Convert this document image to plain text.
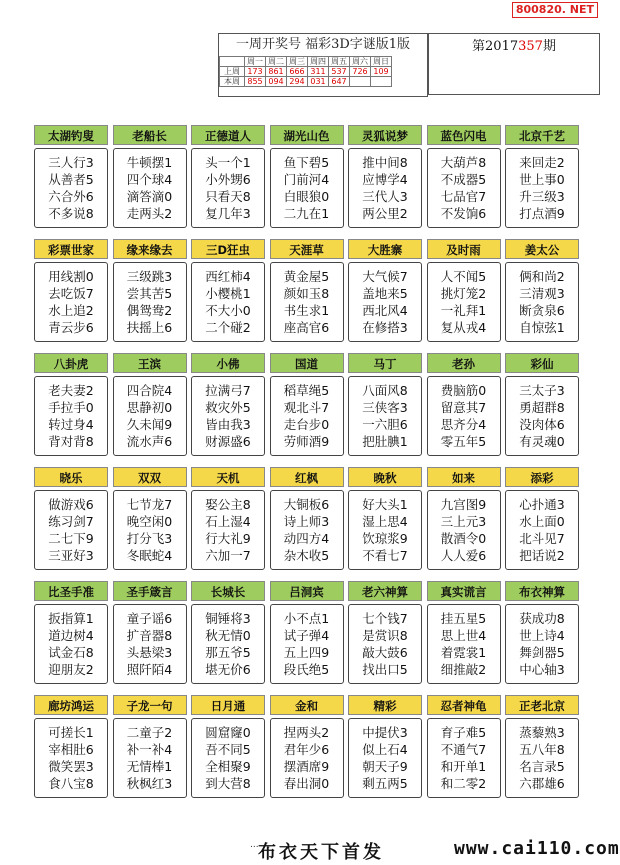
800820. NET
一周开奖号 福彩3D字谜版1版
	周一	周二	周三	周四	周五	周六	周日
上周	173	861	666	311	537	726	109
本周	855	094	294	031	647		
第2017357期
太湖钓叟
三人行3
从善者5
六合外6
不多说8
老船长
牛顿摆1
四个球4
滴答滴0
走两头2
正德道人
头一个1
小外甥6
只看天8
复几年3
湖光山色
鱼下碧5
门前河4
白眼狼0
二九在1
灵狐说梦
推中间8
应博学4
三代人3
两公里2
蓝色闪电
大葫芦8
不成器5
七品官7
不发饷6
北京千艺
来回走2
世上事0
升三级3
打点酒9
彩票世家
用线割0
去吃饭7
水上追2
青云步6
缘来缘去
三级跳3
尝其苦5
偶鸳鸯2
扶摇上6
三D狂虫
西红柿4
小樱桃1
不大小0
二个碰2
天涯草
黄金屋5
颜如玉8
书生求1
座高官6
大胜寨
大气候7
盖地来5
西北风4
在修搭3
及时雨
人不闻5
挑灯笼2
一礼拜1
复从戎4
姜太公
俩和尚2
三清观3
断贪泉6
自惊弦1
八卦虎
老夫妻2
手拉手0
转过身4
背对背8
王滨
四合院4
思静初0
久未闻9
流水声6
小佛
拉满弓7
救灾外5
皆由我3
财源盛6
国道
稻草绳5
观北斗7
走台步0
劳师酒9
马丁
八面风8
三侠客3
一六胆6
把肚腆1
老孙
费脑筋0
留意其7
思齐分4
零五年5
彩仙
三太子3
勇超群8
没肉体6
有灵魂0
晓乐
做游戏6
练习剑7
二七下9
三亚好3
双双
七节龙7
晚空闲0
打分飞3
冬眠蛇4
天机
娶公主8
石上湿4
行大礼9
六加一7
红枫
大铜板6
诗上师3
动四方4
杂木收5
晚秋
好大头1
湿上思4
饮琼浆9
不看七7
如来
九宫图9
三上元3
散酒令0
人人爱6
添彩
心扑通3
水上面0
北斗见7
把话说2
比圣手准
扳指算1
道边树4
试金石8
迎朋友2
圣手箴言
童子谣6
扩音器8
头悬梁3
照阡陌4
长城长
铜锤将3
秋无情0
那五爷5
堪无价6
吕洞宾
小不点1
试子弹4
五上四9
段氏绝5
老六神算
七个钱7
是赏识8
敲大鼓6
找出口5
真实谎言
挂五星5
思上世4
着霓裳1
细推敲2
布衣神算
获成功8
世上诗4
舞剑器5
中心轴3
廊坊鸿运
可搓长1
宰相肚6
微笑罢3
食八宝8
子龙一句
二童子2
补一补4
无情棒1
秋枫红3
日月通
圆窟窿0
吾不同5
全相聚9
到大营8
金和
捏两头2
君年少6
摆酒席9
春出洞0
精彩
中提伏3
似上石4
朝天子9
剩五两5
忍者神龟
育子难5
不通气7
和开单1
和二零2
正老北京
蒸藜熟3
五八年8
名言录5
六郡雄6
... 布衣天下首发	www.cai110.com
